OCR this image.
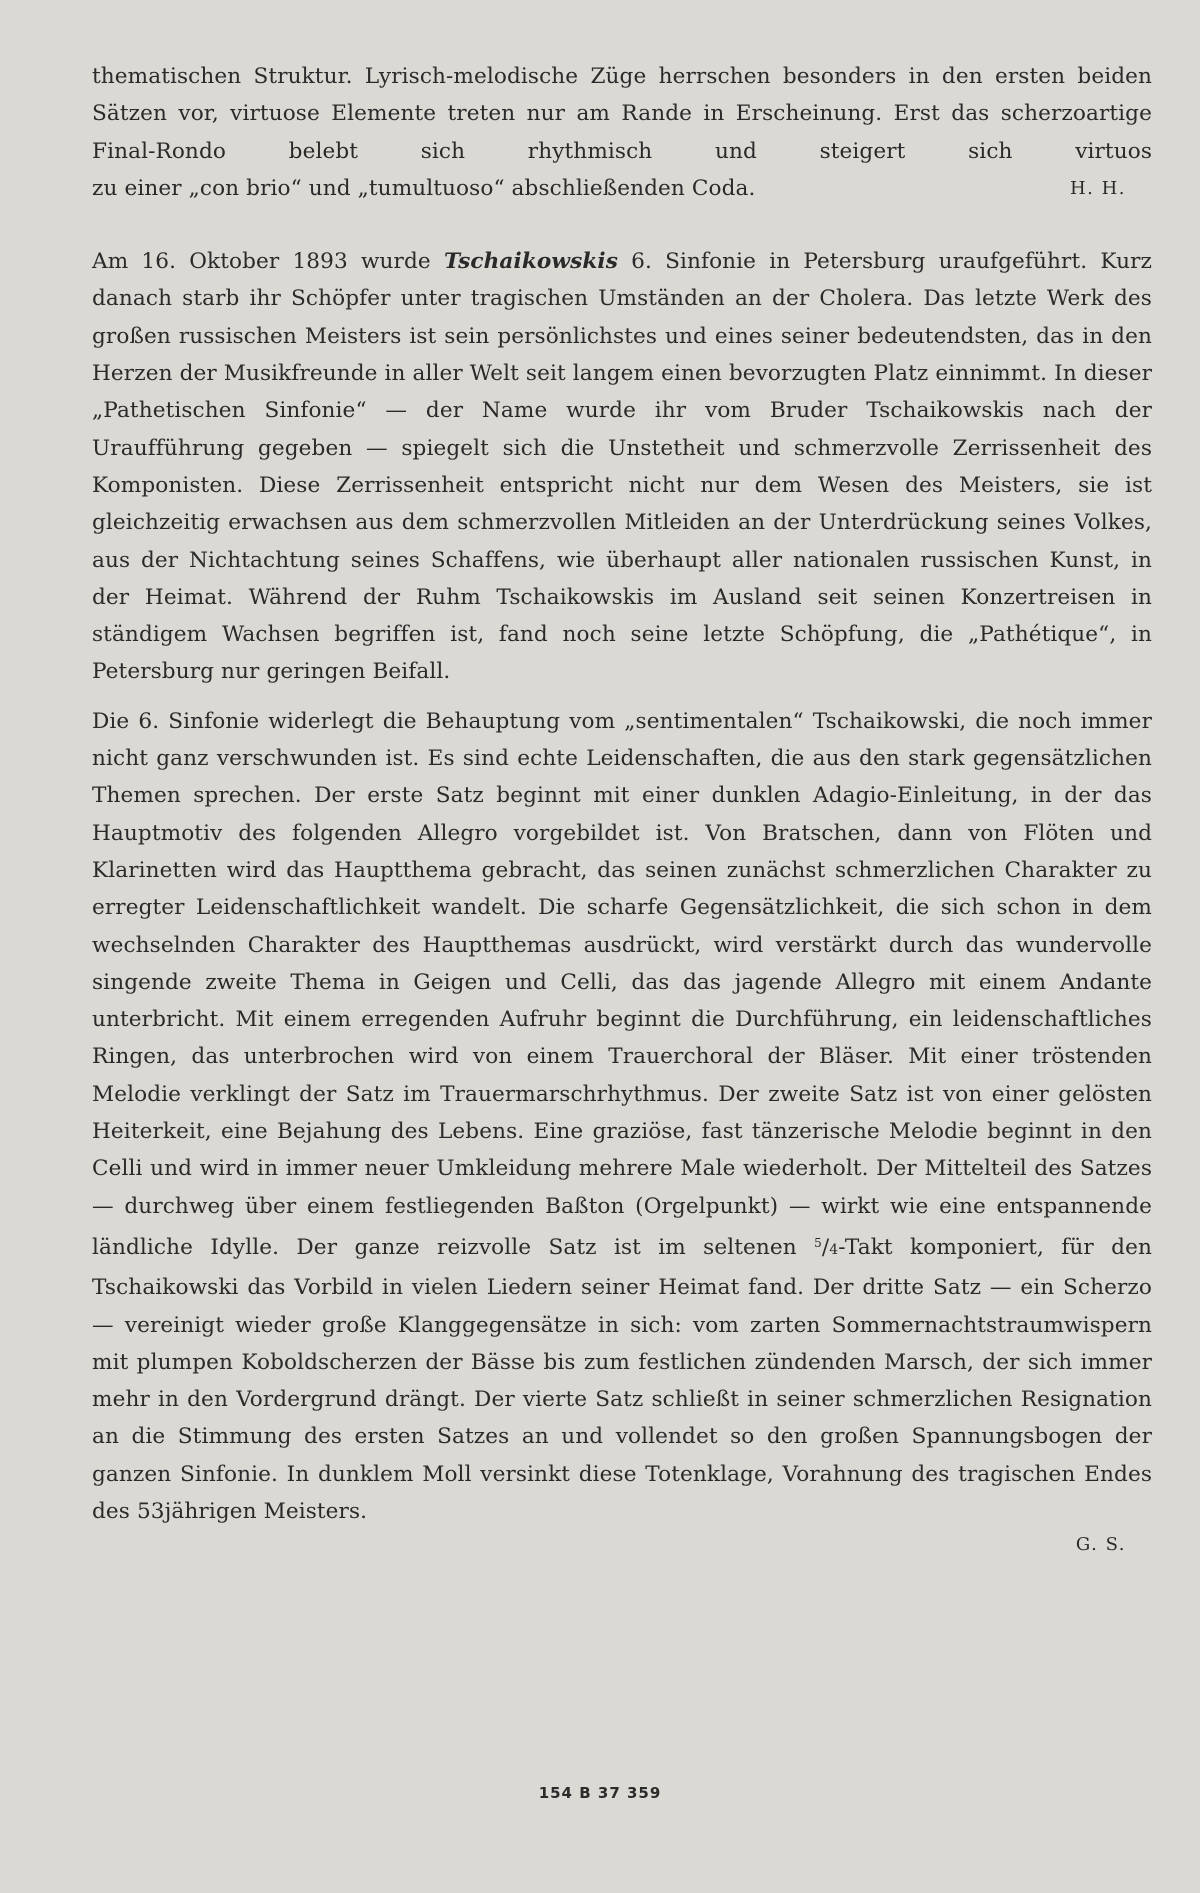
thematischen Struktur. Lyrisch-melodische Züge herrschen besonders in den ersten beiden Sätzen vor, virtuose Elemente treten nur am Rande in Erscheinung. Erst das scherzoartige Final-Rondo belebt sich rhythmisch und steigert sich virtuos

zu einer „con brio“ und „tumultuoso“ abschließenden Coda.	H. H.

Am 16. Oktober 1893 wurde Tschaikowskis 6. Sinfonie in Petersburg uraufgeführt. Kurz danach starb ihr Schöpfer unter tragischen Umständen an der Cholera. Das letzte Werk des großen russischen Meisters ist sein persönlichstes und eines seiner bedeutendsten, das in den Herzen der Musikfreunde in aller Welt seit langem einen bevorzugten Platz einnimmt. In dieser „Pathetischen Sinfonie“ — der Name wurde ihr vom Bruder Tschaikowskis nach der Uraufführung gegeben — spiegelt sich die Unstetheit und schmerzvolle Zerrissenheit des Komponisten. Diese Zerrissenheit entspricht nicht nur dem Wesen des Meisters, sie ist gleichzeitig erwachsen aus dem schmerzvollen Mitleiden an der Unterdrückung seines Volkes, aus der Nichtachtung seines Schaffens, wie überhaupt aller nationalen russischen Kunst, in der Heimat. Während der Ruhm Tschaikowskis im Ausland seit seinen Konzertreisen in ständigem Wachsen begriffen ist, fand noch seine letzte Schöpfung, die „Pathétique“, in Petersburg nur geringen Beifall.

Die 6. Sinfonie widerlegt die Behauptung vom „sentimentalen“ Tschaikowski, die noch immer nicht ganz verschwunden ist. Es sind echte Leidenschaften, die aus den stark gegensätzlichen Themen sprechen. Der erste Satz beginnt mit einer dunklen Adagio-Einleitung, in der das Hauptmotiv des folgenden Allegro vorgebildet ist. Von Bratschen, dann von Flöten und Klarinetten wird das Hauptthema gebracht, das seinen zunächst schmerzlichen Charakter zu erregter Leidenschaftlichkeit wandelt. Die scharfe Gegensätzlichkeit, die sich schon in dem wechselnden Charakter des Hauptthemas ausdrückt, wird verstärkt durch das wundervolle singende zweite Thema in Geigen und Celli, das das jagende Allegro mit einem Andante unterbricht. Mit einem erregenden Aufruhr beginnt die Durchführung, ein leidenschaftliches Ringen, das unterbrochen wird von einem Trauerchoral der Bläser. Mit einer tröstenden Melodie verklingt der Satz im Trauermarschrhythmus. Der zweite Satz ist von einer gelösten Heiterkeit, eine Bejahung des Lebens. Eine graziöse, fast tänzerische Melodie beginnt in den Celli und wird in immer neuer Umkleidung mehrere Male wiederholt. Der Mittelteil des Satzes — durchweg über einem festliegenden Baßton (Orgelpunkt) — wirkt wie eine entspannende ländliche Idylle. Der ganze reizvolle Satz ist im seltenen $^5$/4-Takt komponiert, für den Tschaikowski das Vorbild in vielen Liedern seiner Heimat fand. Der dritte Satz — ein Scherzo — vereinigt wieder große Klanggegensätze in sich: vom zarten Sommernachtstraumwispern mit plumpen Koboldscherzen der Bässe bis zum festlichen zündenden Marsch, der sich immer mehr in den Vordergrund drängt. Der vierte Satz schließt in seiner schmerzlichen Resignation an die Stimmung des ersten Satzes an und vollendet so den großen Spannungsbogen der ganzen Sinfonie. In dunklem Moll versinkt diese Totenklage, Vorahnung des tragischen Endes des 53jährigen Meisters.

G. S.
154 B 37 359
